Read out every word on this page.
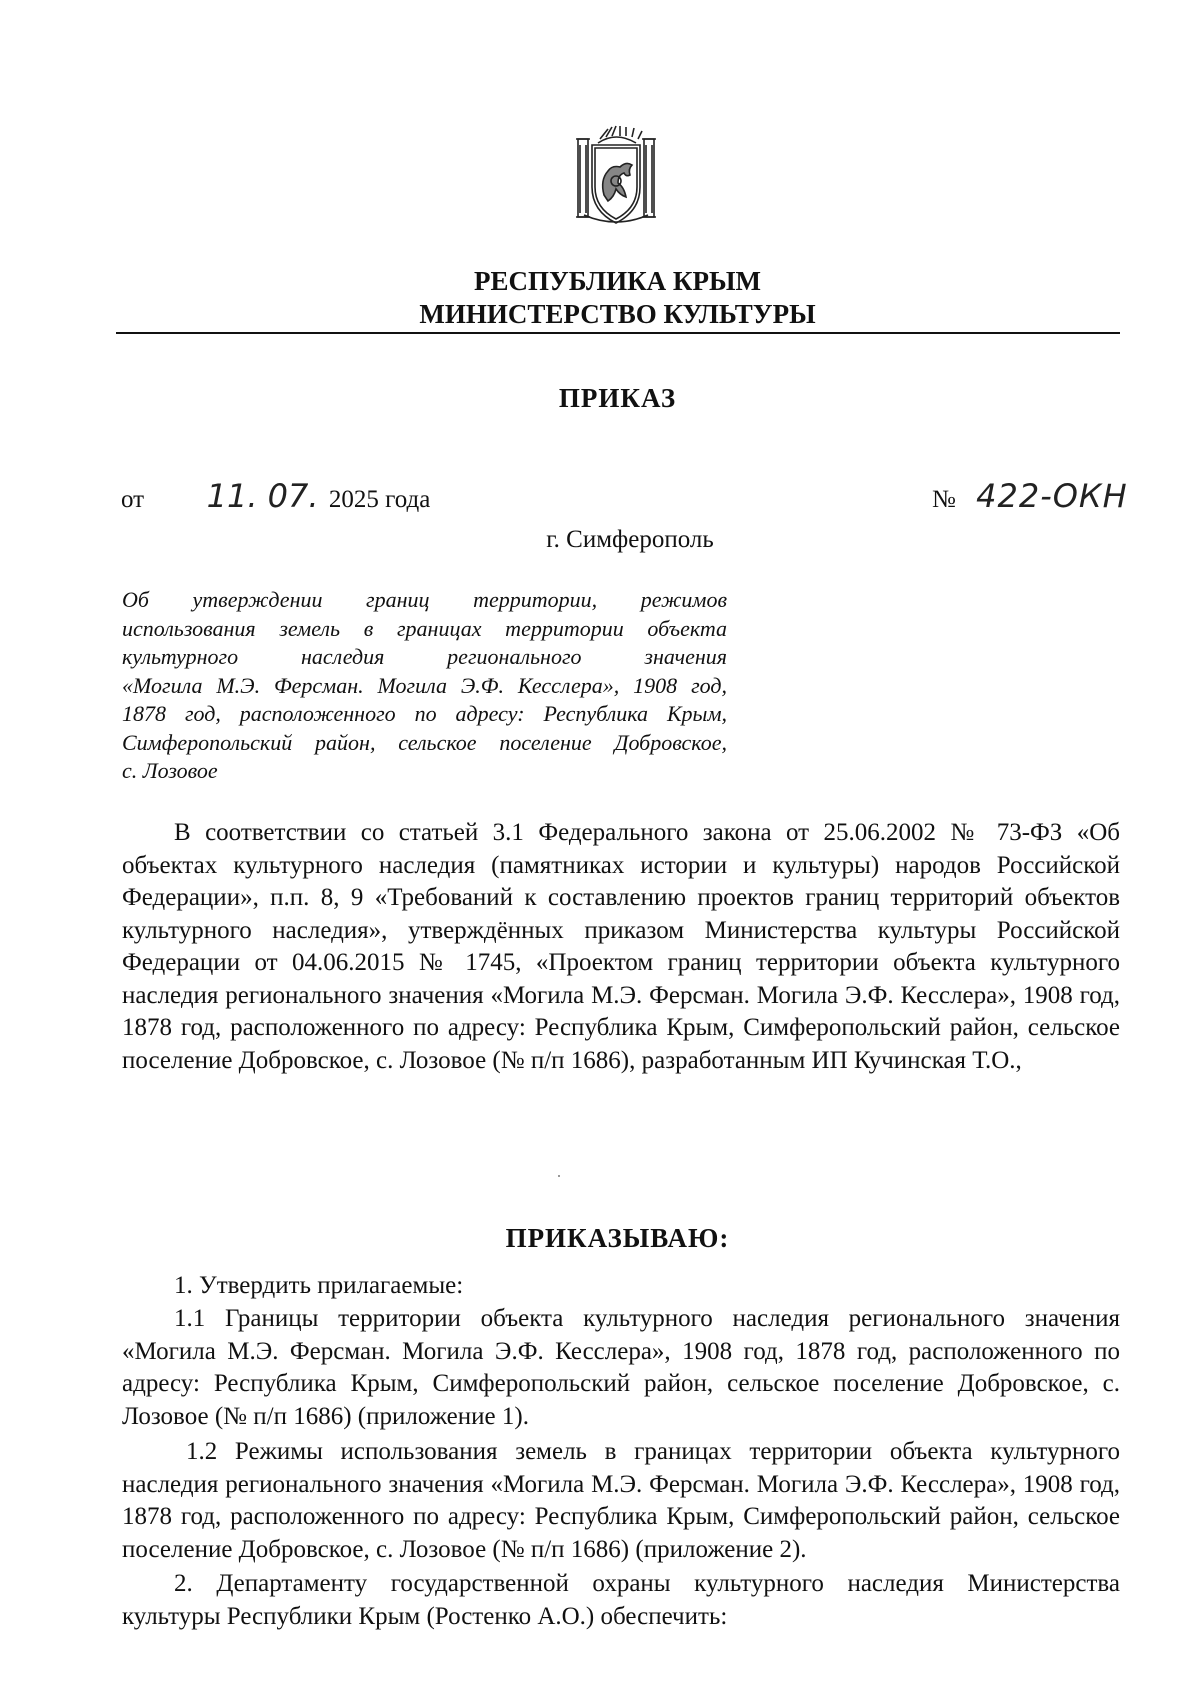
РЕСПУБЛИКА КРЫМ
МИНИСТЕРСТВО КУЛЬТУРЫ
ПРИКАЗ
от 11. 07. 2025 года	№ 422-ОКН
г. Симферополь
Об утверждении границ территории, режимов
использования земель в границах территории объекта
культурного наследия регионального значения
«Могила М.Э. Ферсман. Могила Э.Ф. Кесслера», 1908 год,
1878 год, расположенного по адресу: Республика Крым,
Симферопольский район, сельское поселение Добровское,
с. Лозовое
В соответствии со статьей 3.1 Федерального закона от 25.06.2002 № 73-ФЗ «Об объектах культурного наследия (памятниках истории и культуры) народов Российской Федерации», п.п. 8, 9 «Требований к составлению проектов границ территорий объектов культурного наследия», утверждённых приказом Министерства культуры Российской Федерации от 04.06.2015 № 1745, «Проектом границ территории объекта культурного наследия регионального значения «Могила М.Э. Ферсман. Могила Э.Ф. Кесслера», 1908 год, 1878 год, расположенного по адресу: Республика Крым, Симферопольский район, сельское поселение Добровское, с. Лозовое (№ п/п 1686), разработанным ИП Кучинская Т.О.,
ПРИКАЗЫВАЮ:
1. Утвердить прилагаемые:
1.1 Границы территории объекта культурного наследия регионального значения «Могила М.Э. Ферсман. Могила Э.Ф. Кесслера», 1908 год, 1878 год, расположенного по адресу: Республика Крым, Симферопольский район, сельское поселение Добровское, с. Лозовое (№ п/п 1686) (приложение 1).
1.2 Режимы использования земель в границах территории объекта культурного наследия регионального значения «Могила М.Э. Ферсман. Могила Э.Ф. Кесслера», 1908 год, 1878 год, расположенного по адресу: Республика Крым, Симферопольский район, сельское поселение Добровское, с. Лозовое (№ п/п 1686) (приложение 2).
2. Департаменту государственной охраны культурного наследия Министерства культуры Республики Крым (Ростенко А.О.) обеспечить:
